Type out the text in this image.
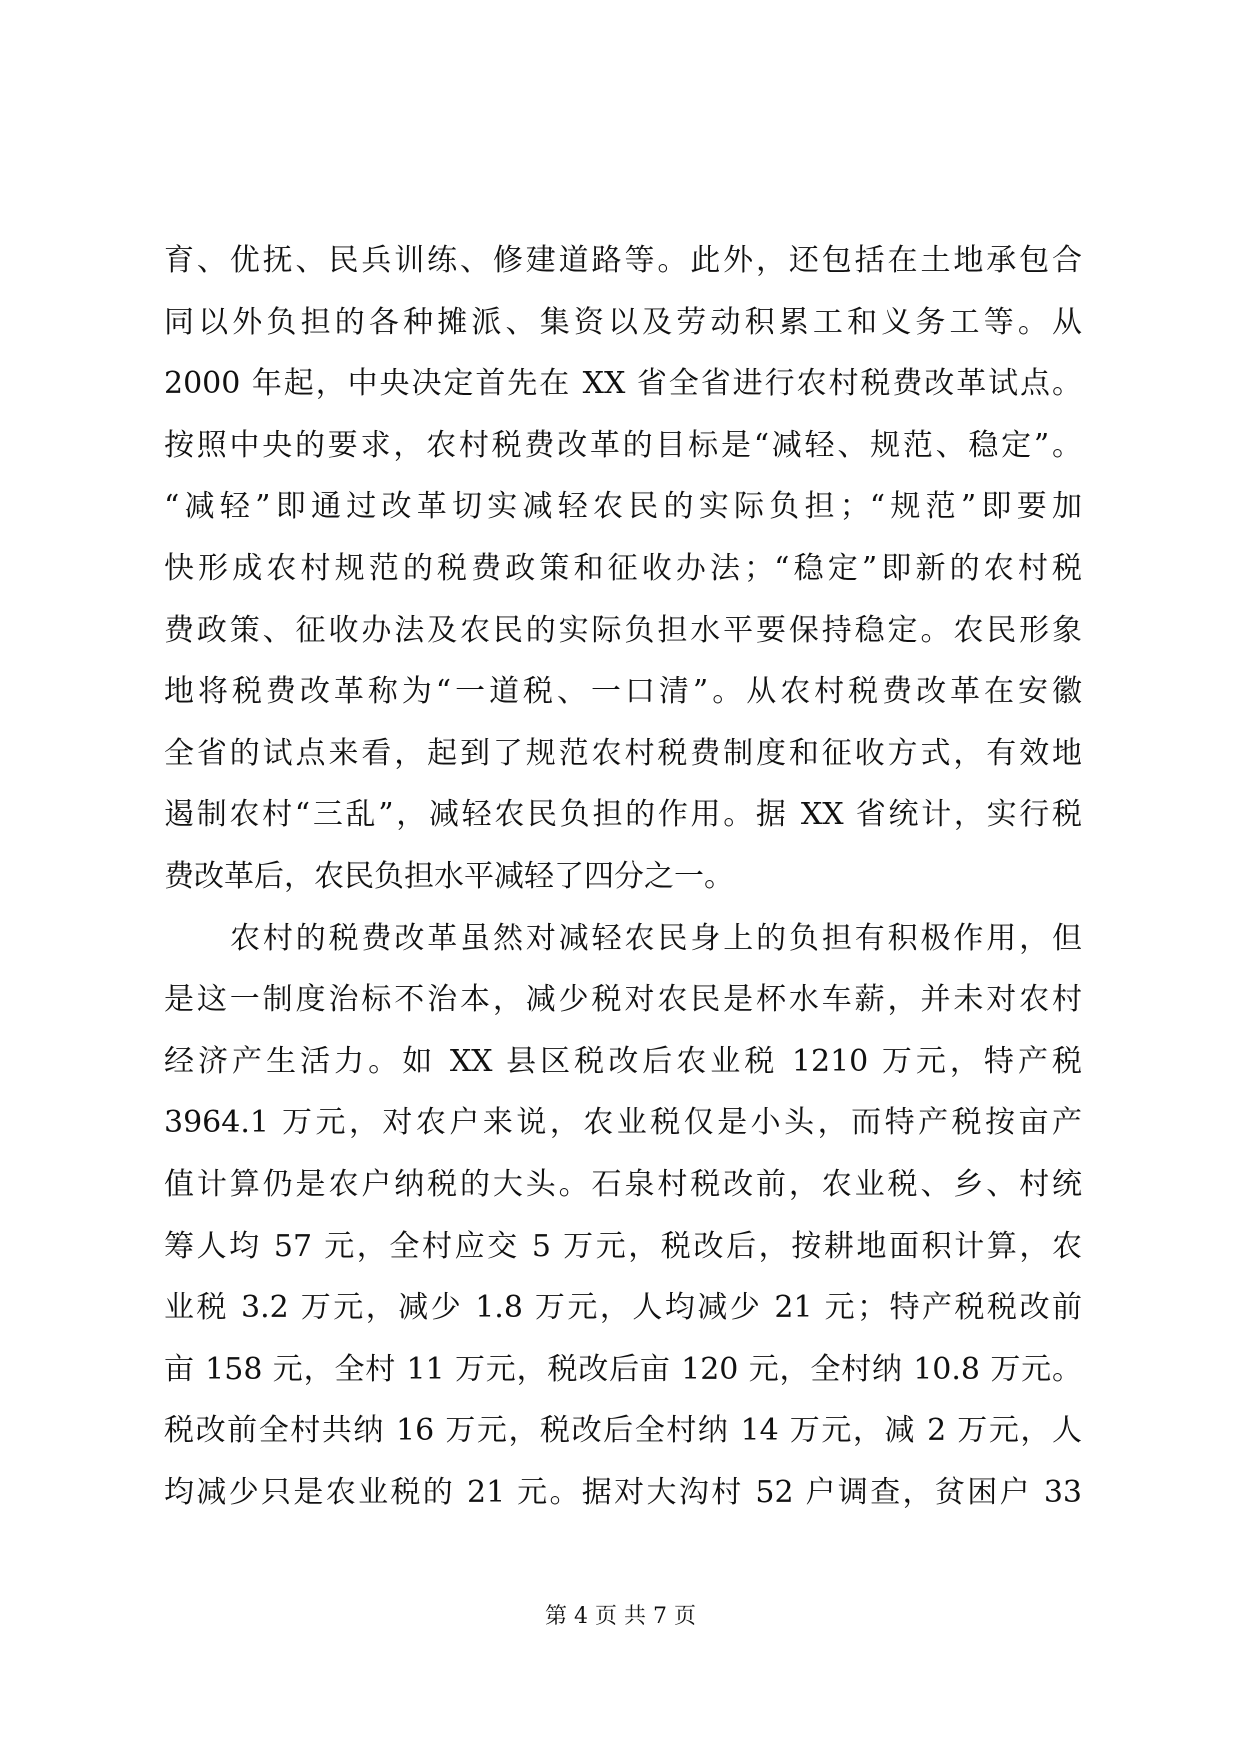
育、优抚、民兵训练、修建道路等。此外，还包括在土地承包合
同以外负担的各种摊派、集资以及劳动积累工和义务工等。从
2000 年起，中央决定首先在 XX 省全省进行农村税费改革试点。
按照中央的要求，农村税费改革的目标是“减轻、规范、稳定”。
“减轻”即通过改革切实减轻农民的实际负担；“规范”即要加
快形成农村规范的税费政策和征收办法；“稳定”即新的农村税
费政策、征收办法及农民的实际负担水平要保持稳定。农民形象
地将税费改革称为“一道税、一口清”。从农村税费改革在安徽
全省的试点来看，起到了规范农村税费制度和征收方式，有效地
遏制农村“三乱”，减轻农民负担的作用。据 XX 省统计，实行税
费改革后，农民负担水平减轻了四分之一。
农村的税费改革虽然对减轻农民身上的负担有积极作用，但
是这一制度治标不治本，减少税对农民是杯水车薪，并未对农村
经济产生活力。如 XX 县区税改后农业税 1210 万元，特产税
3964.1 万元，对农户来说，农业税仅是小头，而特产税按亩产
值计算仍是农户纳税的大头。石泉村税改前，农业税、乡、村统
筹人均 57 元，全村应交 5 万元，税改后，按耕地面积计算，农
业税 3.2 万元，减少 1.8 万元，人均减少 21 元；特产税税改前
亩 158 元，全村 11 万元，税改后亩 120 元，全村纳 10.8 万元。
税改前全村共纳 16 万元，税改后全村纳 14 万元，减 2 万元，人
均减少只是农业税的 21 元。据对大沟村 52 户调查，贫困户 33
第 4 页 共 7 页
